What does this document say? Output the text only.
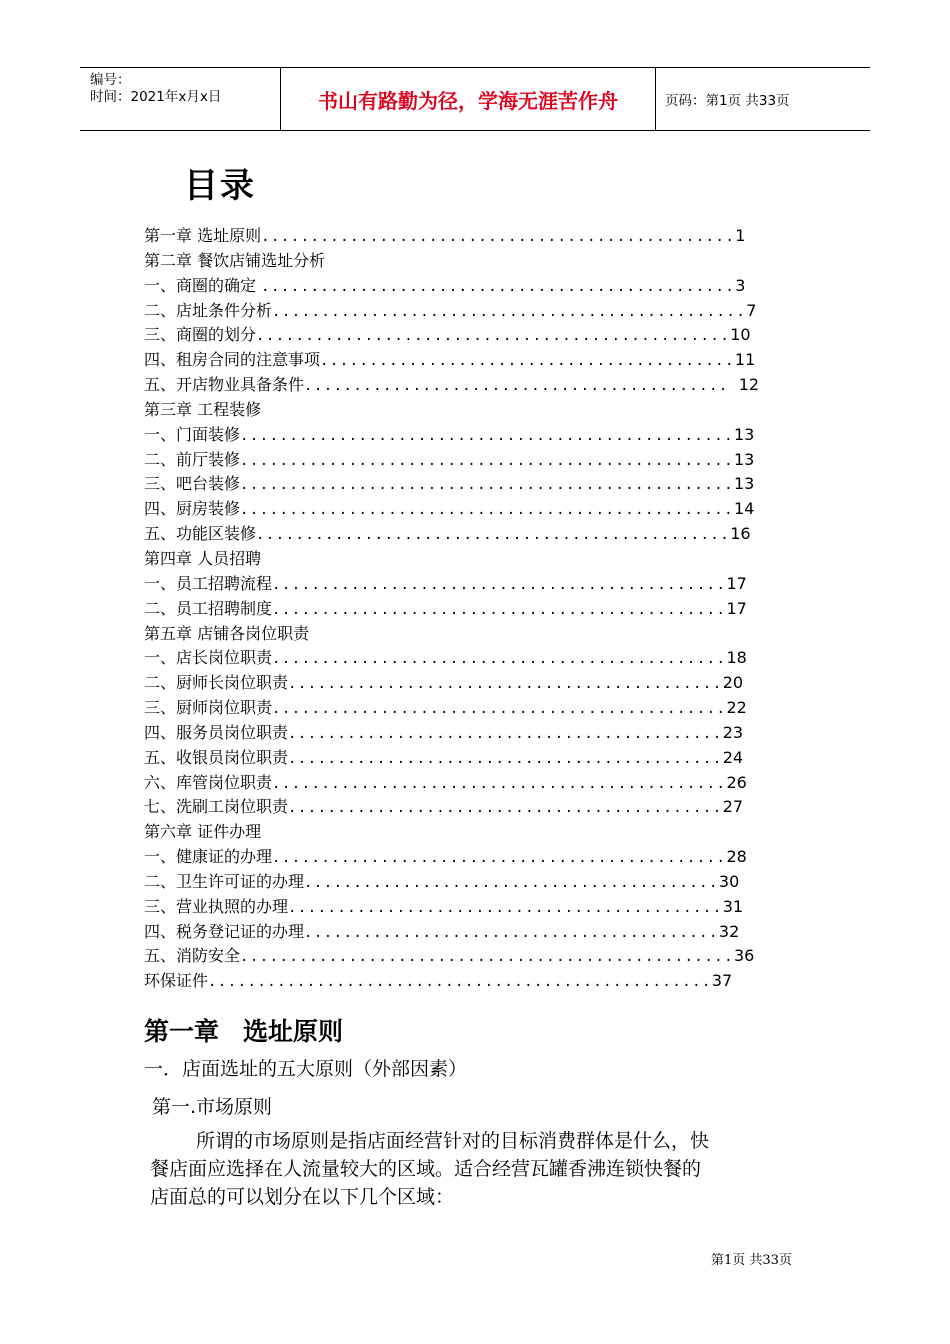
编号：
时间：2021年x月x日	书山有路勤为径，学海无涯苦作舟	页码：第1页 共33页
目录
第一章 选址原则................................................1
第二章 餐饮店铺选址分析
一、商圈的确定 ................................................3
二、店址条件分析................................................7
三、商圈的划分................................................10
四、租房合同的注意事项..........................................11
五、开店物业具备条件........................................... 12
第三章 工程装修
一、门面装修..................................................13
二、前厅装修..................................................13
三、吧台装修..................................................13
四、厨房装修..................................................14
五、功能区装修................................................16
第四章 人员招聘
一、员工招聘流程..............................................17
二、员工招聘制度..............................................17
第五章 店铺各岗位职责
一、店长岗位职责..............................................18
二、厨师长岗位职责............................................20
三、厨师岗位职责..............................................22
四、服务员岗位职责............................................23
五、收银员岗位职责............................................24
六、库管岗位职责..............................................26
七、洗刷工岗位职责............................................27
第六章 证件办理
一、健康证的办理..............................................28
二、卫生许可证的办理..........................................30
三、营业执照的办理............................................31
四、税务登记证的办理..........................................32
五、消防安全..................................................36
环保证件...................................................37
第一章 选址原则
一．店面选址的五大原则（外部因素）
第一.市场原则
所谓的市场原则是指店面经营针对的目标消费群体是什么，快
餐店面应选择在人流量较大的区域。适合经营瓦罐香沸连锁快餐的
店面总的可以划分在以下几个区域：
第1页 共33页
